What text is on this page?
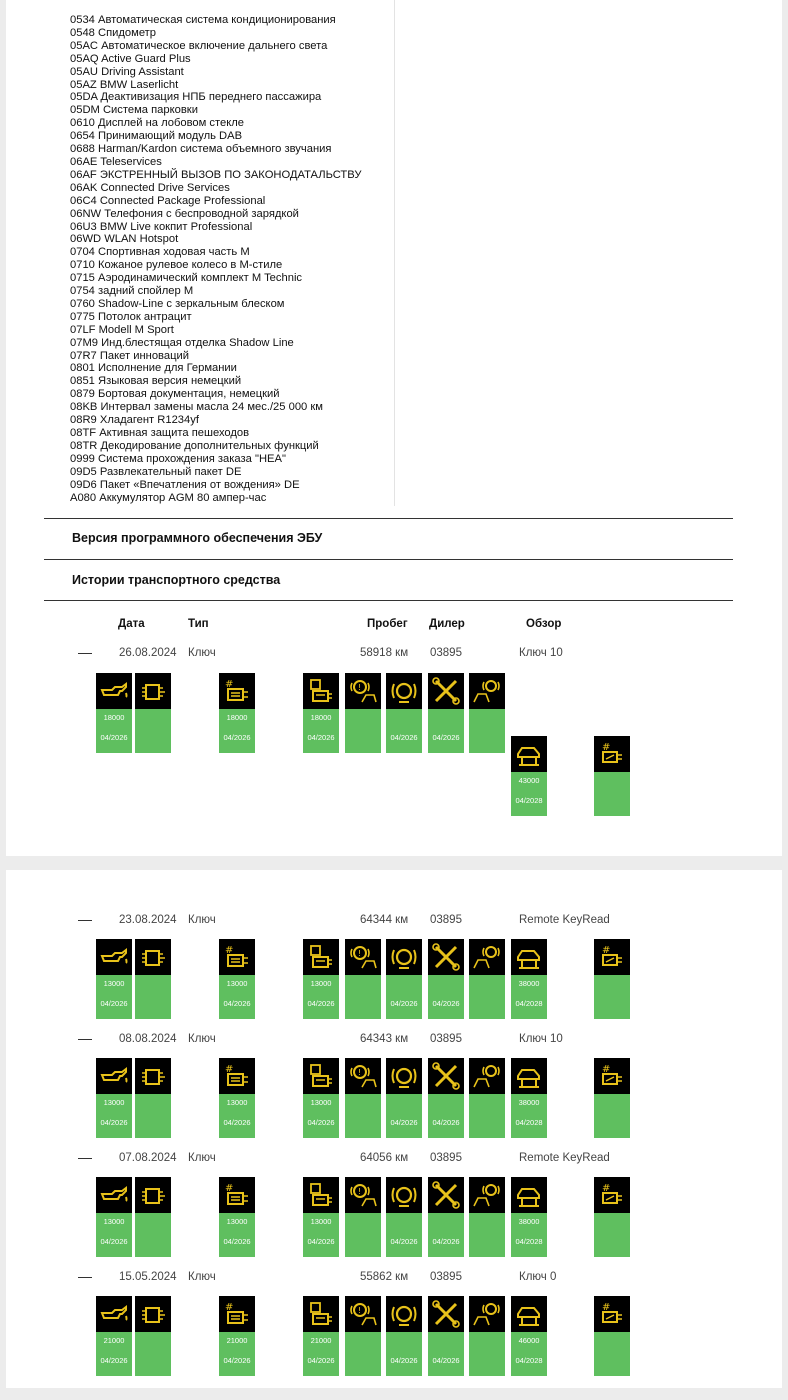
0534 Автоматическая система кондиционирования
0548 Спидометр
05AC Автоматическое включение дальнего света
05AQ Active Guard Plus
05AU Driving Assistant
05AZ BMW Laserlicht
05DA Деактивизация НПБ переднего пассажира
05DM Система парковки
0610 Дисплей на лобовом стекле
0654 Принимающий модуль DAB
0688 Harman/Kardon система объемного звучания
06AE Teleservices
06AF ЭКСТРЕННЫЙ ВЫЗОВ ПО ЗАКОНОДАТАЛЬСТВУ
06AK Connected Drive Services
06C4 Connected Package Professional
06NW Телефония с беспроводной зарядкой
06U3 BMW Live кокпит Professional
06WD WLAN Hotspot
0704 Спортивная ходовая часть M
0710 Кожаное рулевое колесо в M-стиле
0715 Аэродинамический комплект M Technic
0754 задний спойлер M
0760 Shadow-Line с зеркальным блеском
0775 Потолок антрацит
07LF Modell M Sport
07M9 Инд.блестящая отделка Shadow Line
07R7 Пакет инноваций
0801 Исполнение для Германии
0851 Языковая версия немецкий
0879 Бортовая документация, немецкий
08KB Интервал замены масла 24 мес./25 000 км
08R9 Хладагент R1234yf
08TF Активная защита пешеходов
08TR Декодирование дополнительных функций
0999 Система прохождения заказа "HEA"
09D5 Развлекательный пакет DE
09D6 Пакет «Впечатления от вождения» DE
A080 Аккумулятор AGM 80 ампер-час
Версия программного обеспечения ЭБУ
Истории транспортного средства
Дата	Тип	Пробег Дилер	Обзор
— 26.08.2024 Ключ	58918 км 03895	Ключ 10
18000
04/2026
#
18000
04/2026
18000
04/2026
!
04/2026	04/2026
43000
04/2028
#
— 23.08.2024 Ключ	64344 км 03895	Remote KeyRead
13000
04/2026
#
13000
04/2026
13000
04/2026
!
04/2026	04/2026
38000
04/2028
#
— 08.08.2024 Ключ	64343 км 03895	Ключ 10
13000
04/2026
#
13000
04/2026
13000
04/2026
!
04/2026	04/2026
38000
04/2028
#
— 07.08.2024 Ключ	64056 км 03895	Remote KeyRead
13000
04/2026
#
13000
04/2026
13000
04/2026
!
04/2026	04/2026
38000
04/2028
#
— 15.05.2024 Ключ	55862 км 03895	Ключ 0
21000
04/2026
#
21000
04/2026
21000
04/2026
!
04/2026	04/2026
46000
04/2028
#
